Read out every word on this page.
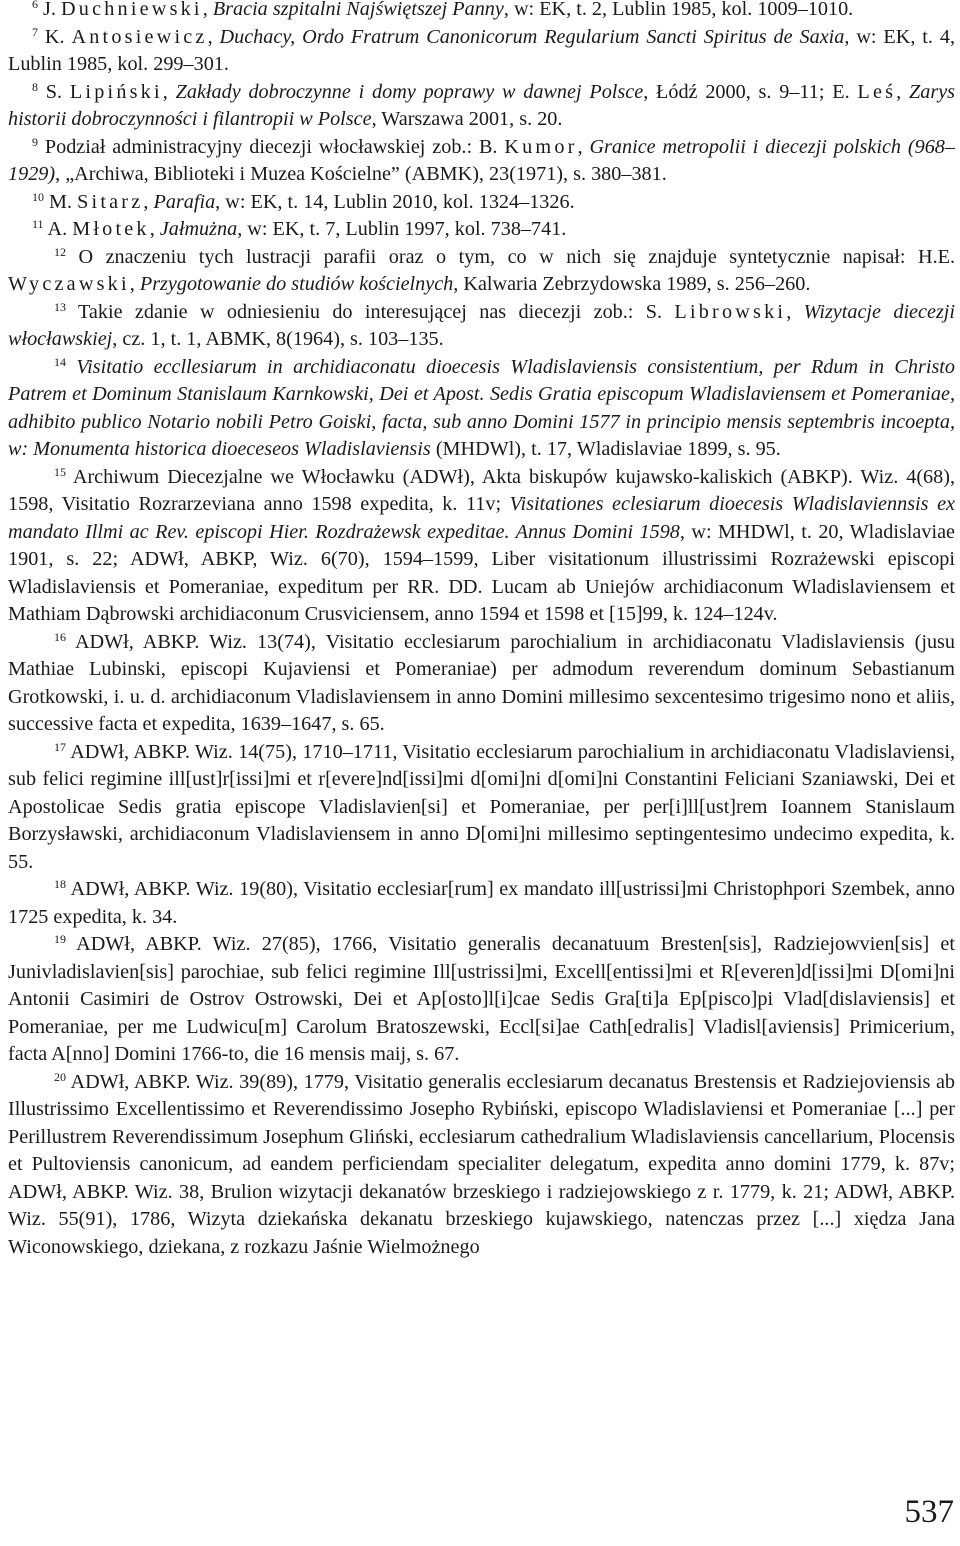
$^6$ J. Duchniewski, Bracia szpitalni Najświętszej Panny, w: EK, t. 2, Lublin 1985, kol. 1009–1010.

$^7$ K. Antosiewicz, Duchacy, Ordo Fratrum Canonicorum Regularium Sancti Spiritus de Saxia, w: EK, t. 4, Lublin 1985, kol. 299–301.

$^8$ S. Lipiński, Zakłady dobroczynne i domy poprawy w dawnej Polsce, Łódź 2000, s. 9–11; E. Leś, Zarys historii dobroczynności i filantropii w Polsce, Warszawa 2001, s. 20.

$^9$ Podział administracyjny diecezji włocławskiej zob.: B. Kumor, Granice metropolii i diecezji polskich (968–1929), „Archiwa, Biblioteki i Muzea Kościelne” (ABMK), 23(1971), s. 380–381.

$^{10}$ M. Sitarz, Parafia, w: EK, t. 14, Lublin 2010, kol. 1324–1326.

$^{11}$ A. Młotek, Jałmużna, w: EK, t. 7, Lublin 1997, kol. 738–741.

$^{12}$ O znaczeniu tych lustracji parafii oraz o tym, co w nich się znajduje syntetycznie napisał: H.E. Wyczawski, Przygotowanie do studiów kościelnych, Kalwaria Zebrzydowska 1989, s. 256–260.

$^{13}$ Takie zdanie w odniesieniu do interesującej nas diecezji zob.: S. Librowski, Wizytacje diecezji włocławskiej, cz. 1, t. 1, ABMK, 8(1964), s. 103–135.

$^{14}$ Visitatio eccllesiarum in archidiaconatu dioecesis Wladislaviensis consistentium, per Rdum in Christo Patrem et Dominum Stanislaum Karnkowski, Dei et Apost. Sedis Gratia episcopum Wladislaviensem et Pomeraniae, adhibito publico Notario nobili Petro Goiski, facta, sub anno Domini 1577 in principio mensis septembris incoepta, w: Monumenta historica dioeceseos Wladislaviensis (MHDWl), t. 17, Wladislaviae 1899, s. 95.

$^{15}$ Archiwum Diecezjalne we Włocławku (ADWł), Akta biskupów kujawsko-kaliskich (ABKP). Wiz. 4(68), 1598, Visitatio Rozrarzeviana anno 1598 expedita, k. 11v; Visitationes eclesiarum dioecesis Wladislaviennsis ex mandato Illmi ac Rev. episcopi Hier. Rozdrażewsk expeditae. Annus Domini 1598, w: MHDWl, t. 20, Wladislaviae 1901, s. 22; ADWł, ABKP, Wiz. 6(70), 1594–1599, Liber visitationum illustrissimi Rozrażewski episcopi Wladislaviensis et Pomeraniae, expeditum per RR. DD. Lucam ab Uniejów archidiaconum Wladislaviensem et Mathiam Dąbrowski archidiaconum Crusviciensem, anno 1594 et 1598 et [15]99, k. 124–124v.

$^{16}$ ADWł, ABKP. Wiz. 13(74), Visitatio ecclesiarum parochialium in archidiaconatu Vladislaviensis (jusu Mathiae Lubinski, episcopi Kujaviensi et Pomeraniae) per admodum reverendum dominum Sebastianum Grotkowski, i. u. d. archidiaconum Vladislaviensem in anno Domini millesimo sexcentesimo trigesimo nono et aliis, successive facta et expedita, 1639–1647, s. 65.

$^{17}$ ADWł, ABKP. Wiz. 14(75), 1710–1711, Visitatio ecclesiarum parochialium in archidiaconatu Vladislaviensi, sub felici regimine ill[ust]r[issi]mi et r[evere]nd[issi]mi d[omi]ni d[omi]ni Constantini Feliciani Szaniawski, Dei et Apostolicae Sedis gratia episcope Vladislavien[si] et Pomeraniae, per per[i]ll[ust]rem Ioannem Stanislaum Borzysławski, archidiaconum Vladislaviensem in anno D[omi]ni millesimo septingentesimo undecimo expedita, k. 55.

$^{18}$ ADWł, ABKP. Wiz. 19(80), Visitatio ecclesiar[rum] ex mandato ill[ustrissi]mi Christophpori Szembek, anno 1725 expedita, k. 34.

$^{19}$ ADWł, ABKP. Wiz. 27(85), 1766, Visitatio generalis decanatuum Bresten[sis], Radziejowvien[sis] et Junivladislavien[sis] parochiae, sub felici regimine Ill[ustrissi]mi, Excell[entissi]mi et R[everen]d[issi]mi D[omi]ni Antonii Casimiri de Ostrov Ostrowski, Dei et Ap[osto]l[i]cae Sedis Gra[ti]a Ep[pisco]pi Vlad[dislaviensis] et Pomeraniae, per me Ludwicu[m] Carolum Bratoszewski, Eccl[si]ae Cath[edralis] Vladisl[aviensis] Primicerium, facta A[nno] Domini 1766-to, die 16 mensis maij, s. 67.

$^{20}$ ADWł, ABKP. Wiz. 39(89), 1779, Visitatio generalis ecclesiarum decanatus Brestensis et Radziejoviensis ab Illustrissimo Excellentissimo et Reverendissimo Josepho Rybiński, episcopo Wladislaviensi et Pomeraniae [...] per Perillustrem Reverendissimum Josephum Gliński, ecclesiarum cathedralium Wladislaviensis cancellarium, Plocensis et Pultoviensis canonicum, ad eandem perficiendam specialiter delegatum, expedita anno domini 1779, k. 87v; ADWł, ABKP. Wiz. 38, Brulion wizytacji dekanatów brzeskiego i radziejowskiego z r. 1779, k. 21; ADWł, ABKP. Wiz. 55(91), 1786, Wizyta dziekańska dekanatu brzeskiego kujawskiego, natenczas przez [...] xiędza Jana Wiconowskiego, dziekana, z rozkazu Jaśnie Wielmożnego

537
